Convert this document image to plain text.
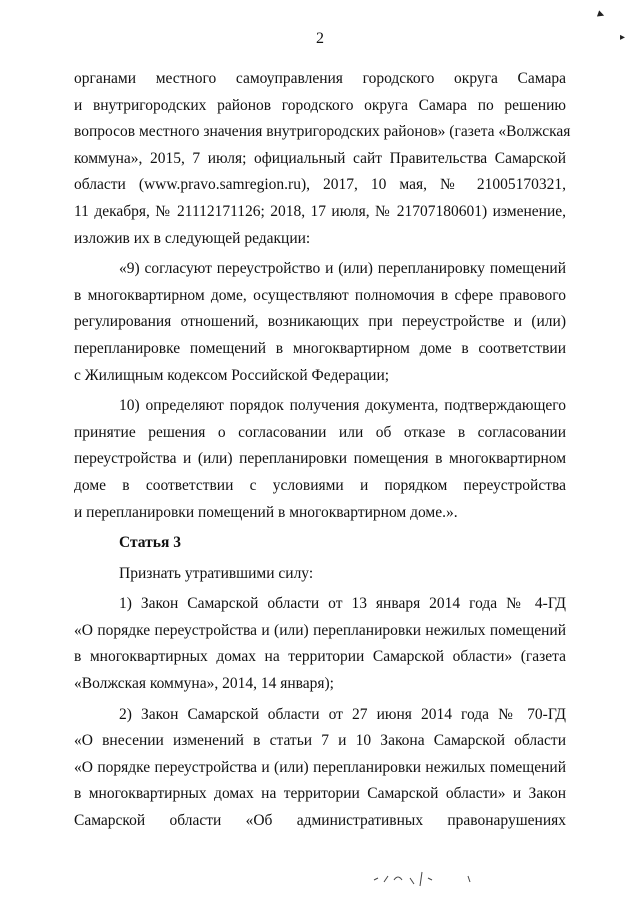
2
▸
▸
органами местного самоуправления городского округа Самара
и внутригородских районов городского округа Самара по решению
вопросов местного значения внутригородских районов» (газета «Волжская
коммуна», 2015, 7 июля; официальный сайт Правительства Самарской
области (www.pravo.samregion.ru), 2017, 10 мая, № 21005170321,
11 декабря, № 21112171126; 2018, 17 июля, № 21707180601) изменение,
изложив их в следующей редакции:
«9) согласуют переустройство и (или) перепланировку помещений
в многоквартирном доме, осуществляют полномочия в сфере правового
регулирования отношений, возникающих при переустройстве и (или)
перепланировке помещений в многоквартирном доме в соответствии
с Жилищным кодексом Российской Федерации;
10) определяют порядок получения документа, подтверждающего
принятие решения о согласовании или об отказе в согласовании
переустройства и (или) перепланировки помещения в многоквартирном
доме в соответствии с условиями и порядком переустройства
и перепланировки помещений в многоквартирном доме.».
Статья 3
Признать утратившими силу:
1) Закон Самарской области от 13 января 2014 года № 4-ГД
«О порядке переустройства и (или) перепланировки нежилых помещений
в многоквартирных домах на территории Самарской области» (газета
«Волжская коммуна», 2014, 14 января);
2) Закон Самарской области от 27 июня 2014 года № 70-ГД
«О внесении изменений в статьи 7 и 10 Закона Самарской области
«О порядке переустройства и (или) перепланировки нежилых помещений
в многоквартирных домах на территории Самарской области» и Закон
Самарской области «Об административных правонарушениях
